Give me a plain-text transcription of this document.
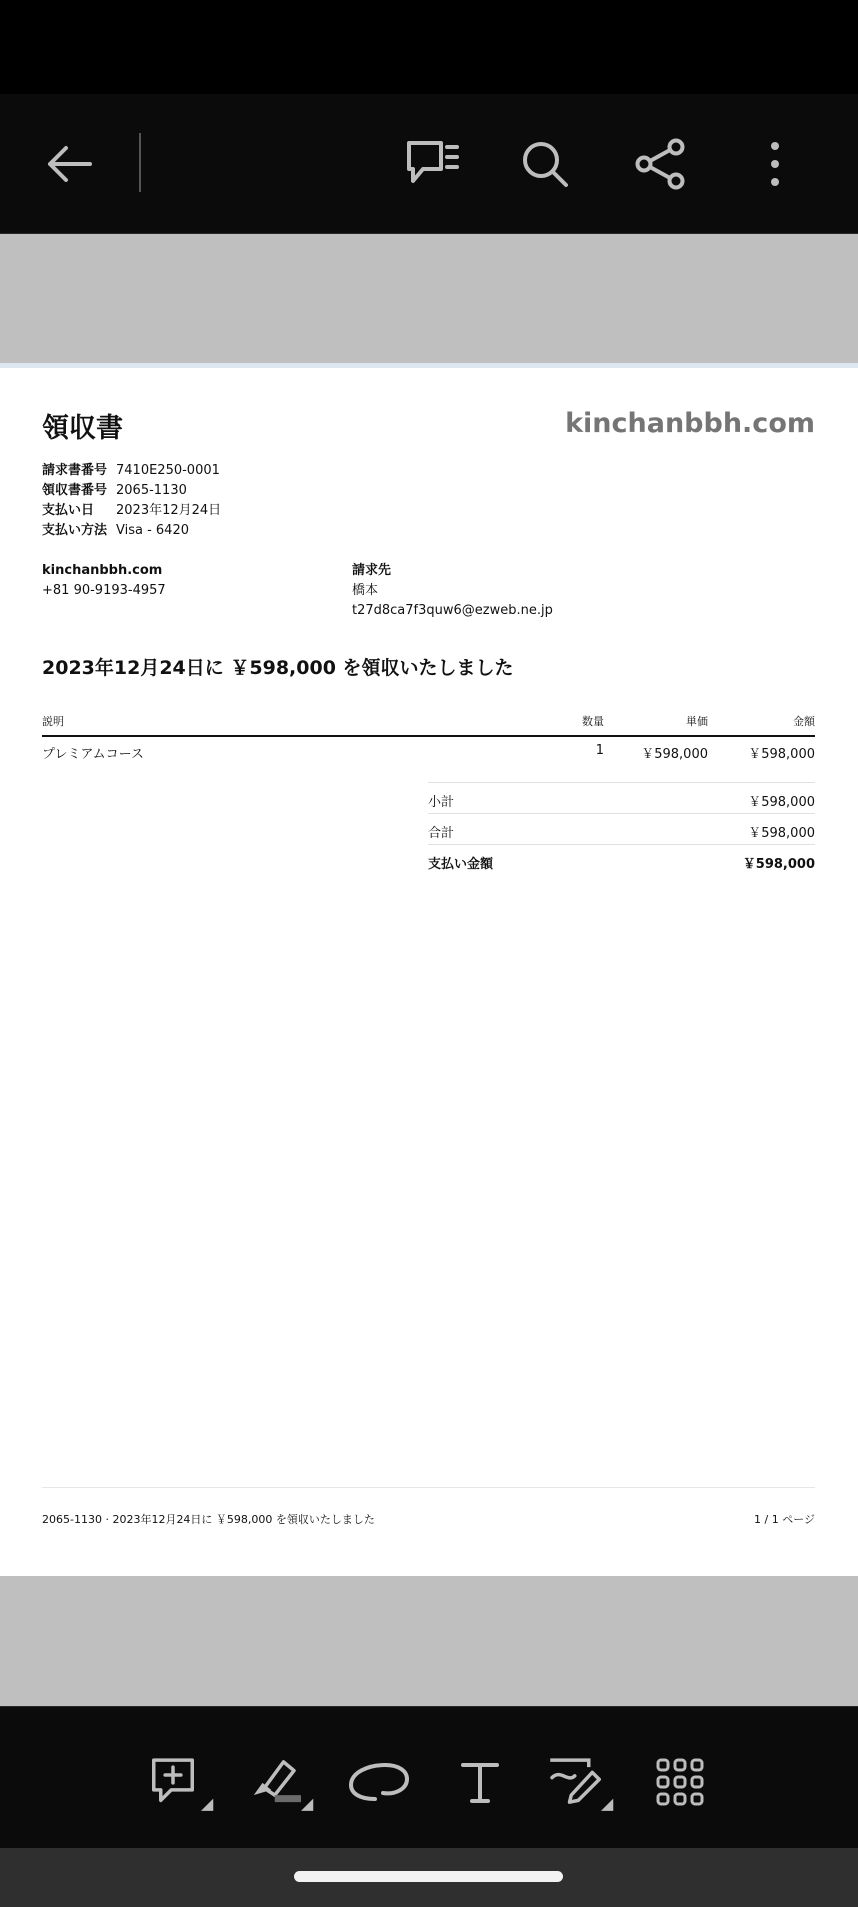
領収書	kinchanbbh.com
請求書番号 7410E250-0001
領収書番号 2065-1130
支払い日	2023年12月24日
支払い方法 Visa - 6420
kinchanbbh.com
+81 90-9193-4957
請求先
橋本
t27d8ca7f3quw6@ezweb.ne.jp
2023年12月24日に ￥598,000 を領収いたしました
説明	数量	単価	金額
プレミアムコース	1	￥598,000	￥598,000
小計	￥598,000
合計	￥598,000
支払い金額	￥598,000
2065-1130 · 2023年12月24日に ￥598,000 を領収いたしました	1 / 1 ページ
